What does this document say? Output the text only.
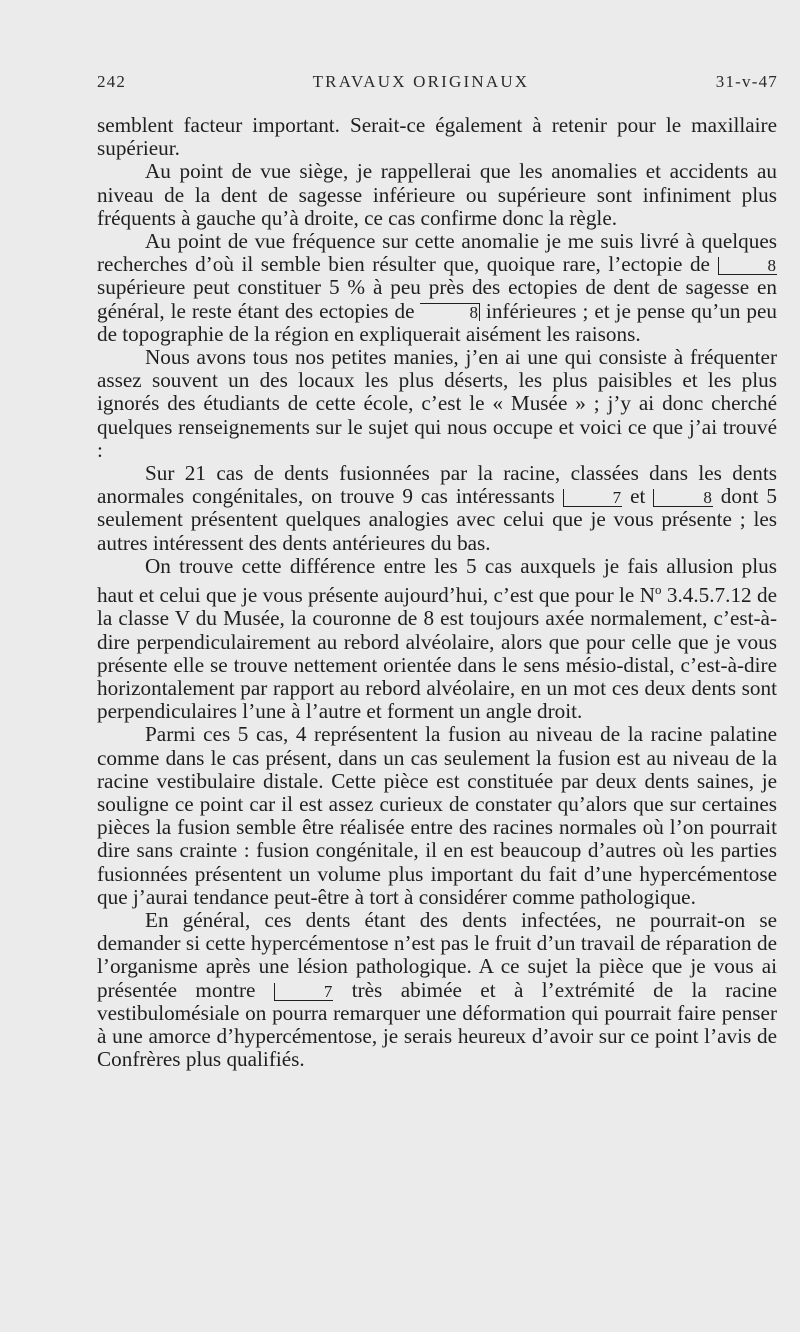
242	TRAVAUX ORIGINAUX	31-v-47

semblent facteur important. Serait-ce également à retenir pour le maxillaire supérieur.

Au point de vue siège, je rappellerai que les anomalies et accidents au niveau de la dent de sagesse inférieure ou supérieure sont infiniment plus fréquents à gauche qu’à droite, ce cas confirme donc la règle.

Au point de vue fréquence sur cette anomalie je me suis livré à quelques recherches d’où il semble bien résulter que, quoique rare, l’ectopie de	8 supérieure peut constituer 5 % à peu près des ectopies de dent de sagesse en général, le reste étant des ectopies de	8 inférieures ; et je pense qu’un peu de topographie de la région en expliquerait aisément les raisons.

Nous avons tous nos petites manies, j’en ai une qui consiste à fréquenter assez souvent un des locaux les plus déserts, les plus paisibles et les plus ignorés des étudiants de cette école, c’est le « Musée » ; j’y ai donc cherché quelques renseignements sur le sujet qui nous occupe et voici ce que j’ai trouvé :

Sur 21 cas de dents fusionnées par la racine, classées dans les dents anormales congénitales, on trouve 9 cas intéressants	7 et	8 dont 5 seulement présentent quelques analogies avec celui que je vous présente ; les autres intéressent des dents antérieures du bas.

On trouve cette différence entre les 5 cas auxquels je fais allusion plus haut et celui que je vous présente aujourd’hui, c’est que pour le $N^o$ 3.4.5.7.12 de la classe V du Musée, la couronne de 8 est toujours axée normalement, c’est-à-dire perpendiculairement au rebord alvéolaire, alors que pour celle que je vous présente elle se trouve nettement orientée dans le sens mésio-distal, c’est-à-dire horizontalement par rapport au rebord alvéolaire, en un mot ces deux dents sont perpendiculaires l’une à l’autre et forment un angle droit.

Parmi ces 5 cas, 4 représentent la fusion au niveau de la racine palatine comme dans le cas présent, dans un cas seulement la fusion est au niveau de la racine vestibulaire distale. Cette pièce est constituée par deux dents saines, je souligne ce point car il est assez curieux de constater qu’alors que sur certaines pièces la fusion semble être réalisée entre des racines normales où l’on pourrait dire sans crainte : fusion congénitale, il en est beaucoup d’autres où les parties fusionnées présentent un volume plus important du fait d’une hypercémentose que j’aurai tendance peut-être à tort à considérer comme pathologique.

En général, ces dents étant des dents infectées, ne pourrait-on se demander si cette hypercémentose n’est pas le fruit d’un travail de réparation de l’organisme après une lésion pathologique. A ce sujet la pièce que je vous ai présentée montre	7 très abimée et à l’extrémité de la racine vestibulomésiale on pourra remarquer une déformation qui pourrait faire penser à une amorce d’hypercémentose, je serais heureux d’avoir sur ce point l’avis de Confrères plus qualifiés.
